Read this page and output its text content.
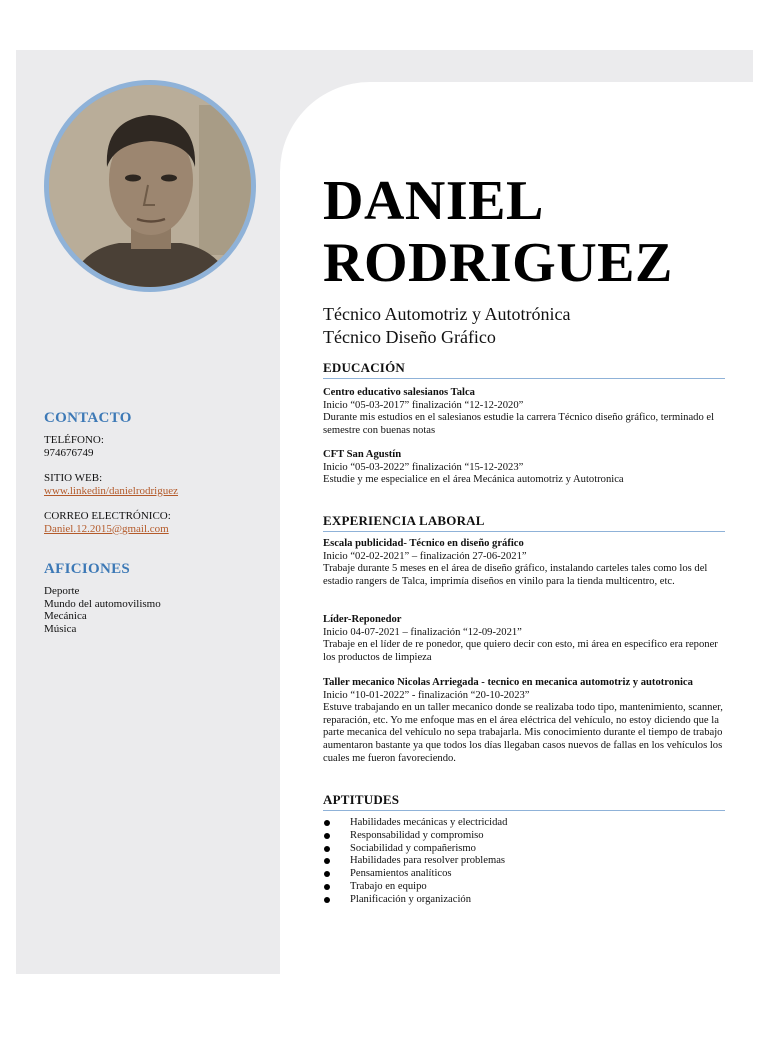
CONTACTO
TELÉFONO:
974676749
SITIO WEB:
www.linkedin/danielrodriguez
CORREO ELECTRÓNICO:
Daniel.12.2015@gmail.com
AFICIONES
Deporte
Mundo del automovilismo
Mecánica
Música
DANIEL
RODRIGUEZ
Técnico Automotriz y Autotrónica
Técnico Diseño Gráfico
EDUCACIÓN
Centro educativo salesianos Talca
Inicio “05-03-2017” finalización “12-12-2020”
Durante mis estudios en el salesianos estudie la carrera Técnico diseño gráfico, terminado el semestre con buenas notas
CFT San Agustín
Inicio “05-03-2022” finalización “15-12-2023”
Estudie y me especialice en el área Mecánica automotriz y Autotronica
EXPERIENCIA LABORAL
Escala publicidad- Técnico en diseño gráfico
Inicio “02-02-2021” – finalización 27-06-2021”
Trabaje durante 5 meses en el área de diseño gráfico, instalando carteles tales como los del estadio rangers de Talca, imprimía diseños en vinilo para la tienda multicentro, etc.
Líder-Reponedor
Inicio 04-07-2021 – finalización “12-09-2021”
Trabaje en el líder de re ponedor, que quiero decir con esto, mi área en especifico era reponer los productos de limpieza
Taller mecanico Nicolas Arriegada - tecnico en mecanica automotriz y autotronica
Inicio “10-01-2022” - finalización “20-10-2023”
Estuve trabajando en un taller mecanico donde se realizaba todo tipo, mantenimiento, scanner, reparación, etc. Yo me enfoque mas en el área eléctrica del vehículo, no estoy diciendo que la parte mecanica del vehículo no sepa trabajarla. Mis conocimiento durante el tiempo de trabajo aumentaron bastante ya que todos los días llegaban casos nuevos de fallas en los vehículos los cuales me fueron favoreciendo.
APTITUDES
Habilidades mecánicas y electricidad
Responsabilidad y compromiso
Sociabilidad y compañerismo
Habilidades para resolver problemas
Pensamientos analíticos
Trabajo en equipo
Planificación y organización
